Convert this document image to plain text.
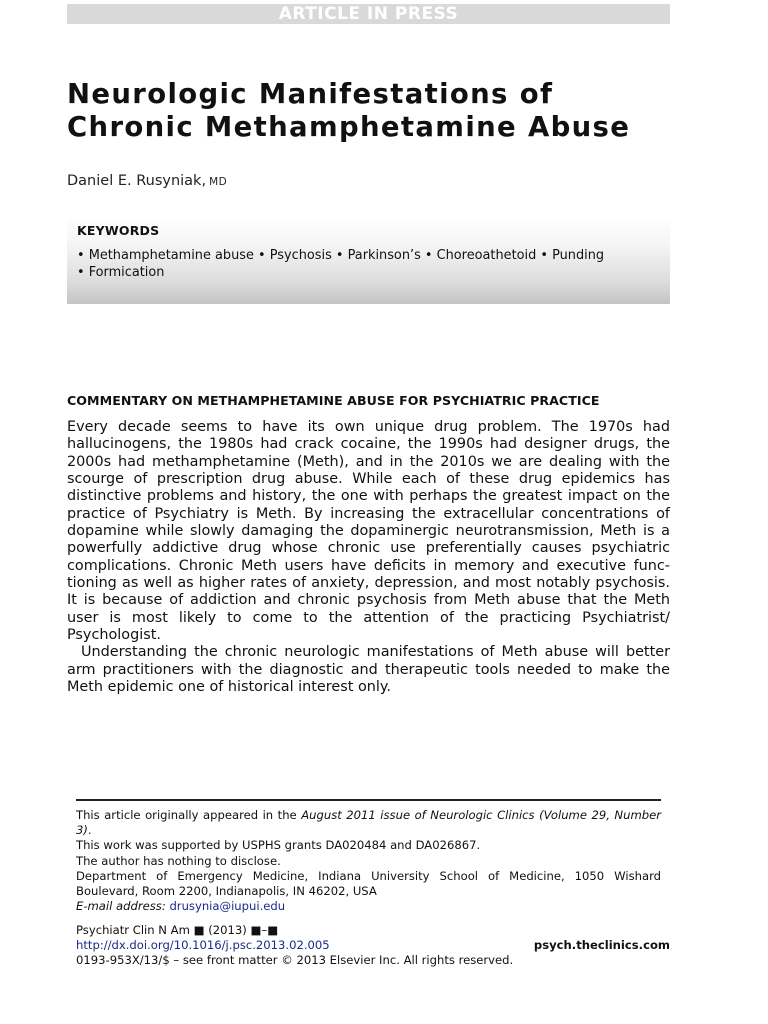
ARTICLE IN PRESS
Neurologic Manifestations of
Chronic Methamphetamine Abuse
Daniel E. Rusyniak, MD
KEYWORDS
• Methamphetamine abuse • Psychosis • Parkinson’s • Choreoathetoid • Punding
• Formication
COMMENTARY ON METHAMPHETAMINE ABUSE FOR PSYCHIATRIC PRACTICE

Every decade seems to have its own unique drug problem. The 1970s had hallucinogens, the 1980s had crack cocaine, the 1990s had designer drugs, the 2000s had methamphetamine (Meth), and in the 2010s we are dealing with the scourge of prescription drug abuse. While each of these drug epidemics has distinctive problems and history, the one with perhaps the greatest impact on the practice of Psychiatry is Meth. By increasing the extracellular concentrations of dopamine while slowly damaging the dopaminergic neurotransmission, Meth is a powerfully addictive drug whose chronic use preferentially causes psychiatric complications. Chronic Meth users have deficits in memory and executive functioning as well as higher rates of anxiety, depression, and most notably psychosis. It is because of addiction and chronic psychosis from Meth abuse that the Meth user is most likely to come to the attention of the practicing Psychiatrist/ Psychologist.

Understanding the chronic neurologic manifestations of Meth abuse will better arm practitioners with the diagnostic and therapeutic tools needed to make the Meth epidemic one of historical interest only.

This article originally appeared in the August 2011 issue of Neurologic Clinics (Volume 29, Number 3).

This work was supported by USPHS grants DA020484 and DA026867.

The author has nothing to disclose.

Department of Emergency Medicine, Indiana University School of Medicine, 1050 Wishard Boulevard, Room 2200, Indianapolis, IN 46202, USA

E-mail address: drusynia@iupui.edu

Psychiatr Clin N Am ■ (2013) ■–■
http://dx.doi.org/10.1016/j.psc.2013.02.005	psych.theclinics.com
0193-953X/13/$ – see front matter © 2013 Elsevier Inc. All rights reserved.
